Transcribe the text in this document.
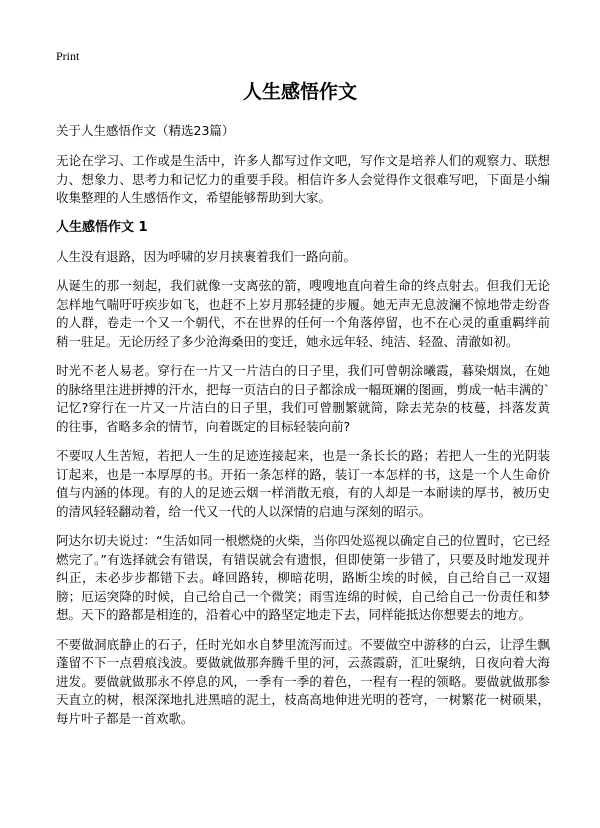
Print
人生感悟作文

关于人生感悟作文（精选23篇）

无论在学习、工作或是生活中，许多人都写过作文吧，写作文是培养人们的观察力、联想力、想象力、思考力和记忆力的重要手段。相信许多人会觉得作文很难写吧，下面是小编收集整理的人生感悟作文，希望能够帮助到大家。

人生感悟作文 1

人生没有退路，因为呼啸的岁月挟裹着我们一路向前。

从诞生的那一刻起，我们就像一支离弦的箭，嗖嗖地直向着生命的终点射去。但我们无论怎样地气喘吁吁疾步如飞，也赶不上岁月那轻捷的步履。她无声无息波澜不惊地带走纷沓的人群，卷走一个又一个朝代，不在世界的任何一个角落停留，也不在心灵的重重羁绊前稍一驻足。无论历经了多少沧海桑田的变迁，她永远年轻、纯洁、轻盈、清澈如初。

时光不老人易老。穿行在一片又一片洁白的日子里，我们可曾朝涂曦霞，暮染烟岚，在她的脉络里注进拼搏的汗水，把每一页洁白的日子都涂成一幅斑斓的图画，剪成一帖丰满的`记忆?穿行在一片又一片洁白的日子里，我们可曾删繁就简，除去芜杂的枝蔓，抖落发黄的往事，省略多余的情节，向着既定的目标轻装向前?

不要叹人生苦短，若把人一生的足迹连接起来，也是一条长长的路；若把人一生的光阴装订起来，也是一本厚厚的书。开拓一条怎样的路，装订一本怎样的书，这是一个人生命价值与内涵的体现。有的人的足迹云烟一样消散无痕，有的人却是一本耐读的厚书，被历史的清风轻轻翻动着，给一代又一代的人以深情的启迪与深刻的昭示。

阿达尔切夫说过：“生活如同一根燃烧的火柴，当你四处巡视以确定自己的位置时，它已经燃完了。”有选择就会有错误，有错误就会有遗恨，但即使第一步错了，只要及时地发现并纠正，未必步步都错下去。峰回路转，柳暗花明，路断尘埃的时候，自己给自己一双翅膀；厄运突降的时候，自己给自己一个微笑；雨雪连绵的时候，自己给自己一份责任和梦想。天下的路都是相连的，沿着心中的路坚定地走下去，同样能抵达你想要去的地方。

不要做洞底静止的石子，任时光如水自梦里流泻而过。不要做空中游移的白云，让浮生飘蓬留不下一点碧痕浅波。要做就做那奔腾千里的河，云蒸霞蔚，汇吐聚纳，日夜向着大海进发。要做就做那永不停息的风，一季有一季的着色，一程有一程的领略。要做就做那参天直立的树，根深深地扎进黑暗的泥土，枝高高地伸进光明的苍穹，一树繁花一树硕果，每片叶子都是一首欢歌。
